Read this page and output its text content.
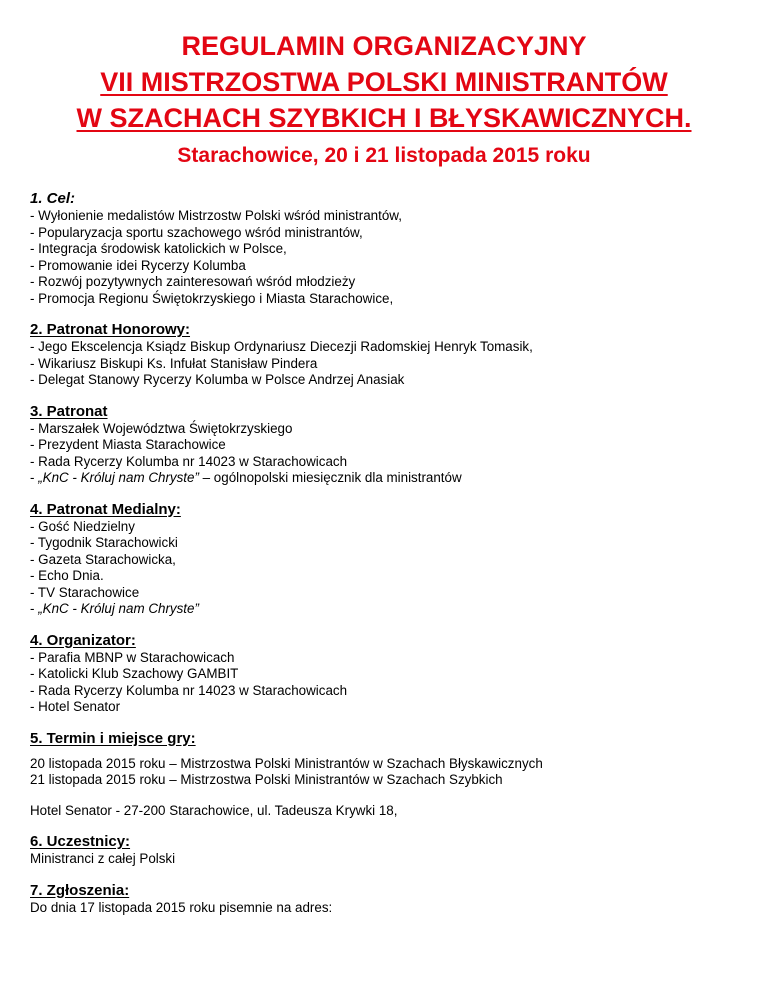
REGULAMIN ORGANIZACYJNY

VII MISTRZOSTWA POLSKI MINISTRANTÓW

W SZACHACH SZYBKICH I BŁYSKAWICZNYCH.

Starachowice, 20 i 21 listopada 2015 roku

1. Cel:

- Wyłonienie medalistów Mistrzostw Polski wśród ministrantów,
- Popularyzacja sportu szachowego wśród ministrantów,
- Integracja środowisk katolickich w Polsce,
- Promowanie idei Rycerzy Kolumba
- Rozwój pozytywnych zainteresowań wśród młodzieży
- Promocja Regionu Świętokrzyskiego i Miasta Starachowice,

2. Patronat Honorowy:

- Jego Ekscelencja Ksiądz Biskup Ordynariusz Diecezji Radomskiej Henryk Tomasik,
- Wikariusz Biskupi Ks. Infułat Stanisław Pindera
- Delegat Stanowy Rycerzy Kolumba w Polsce Andrzej Anasiak

3. Patronat

- Marszałek Województwa Świętokrzyskiego
- Prezydent Miasta Starachowice
- Rada Rycerzy Kolumba nr 14023 w Starachowicach
- „KnC - Króluj nam Chryste” – ogólnopolski miesięcznik dla ministrantów

4. Patronat Medialny:

- Gość Niedzielny
- Tygodnik Starachowicki
- Gazeta Starachowicka,
- Echo Dnia.
- TV Starachowice
- „KnC - Króluj nam Chryste”

4. Organizator:

- Parafia MBNP w Starachowicach
- Katolicki Klub Szachowy GAMBIT
- Rada Rycerzy Kolumba nr 14023 w Starachowicach
- Hotel Senator

5. Termin i miejsce gry:

20 listopada 2015 roku – Mistrzostwa Polski Ministrantów w Szachach Błyskawicznych
21 listopada 2015 roku – Mistrzostwa Polski Ministrantów w Szachach Szybkich

Hotel Senator - 27-200 Starachowice, ul. Tadeusza Krywki 18,

6. Uczestnicy:

Ministranci z całej Polski

7. Zgłoszenia:

Do dnia 17 listopada 2015 roku pisemnie na adres:
